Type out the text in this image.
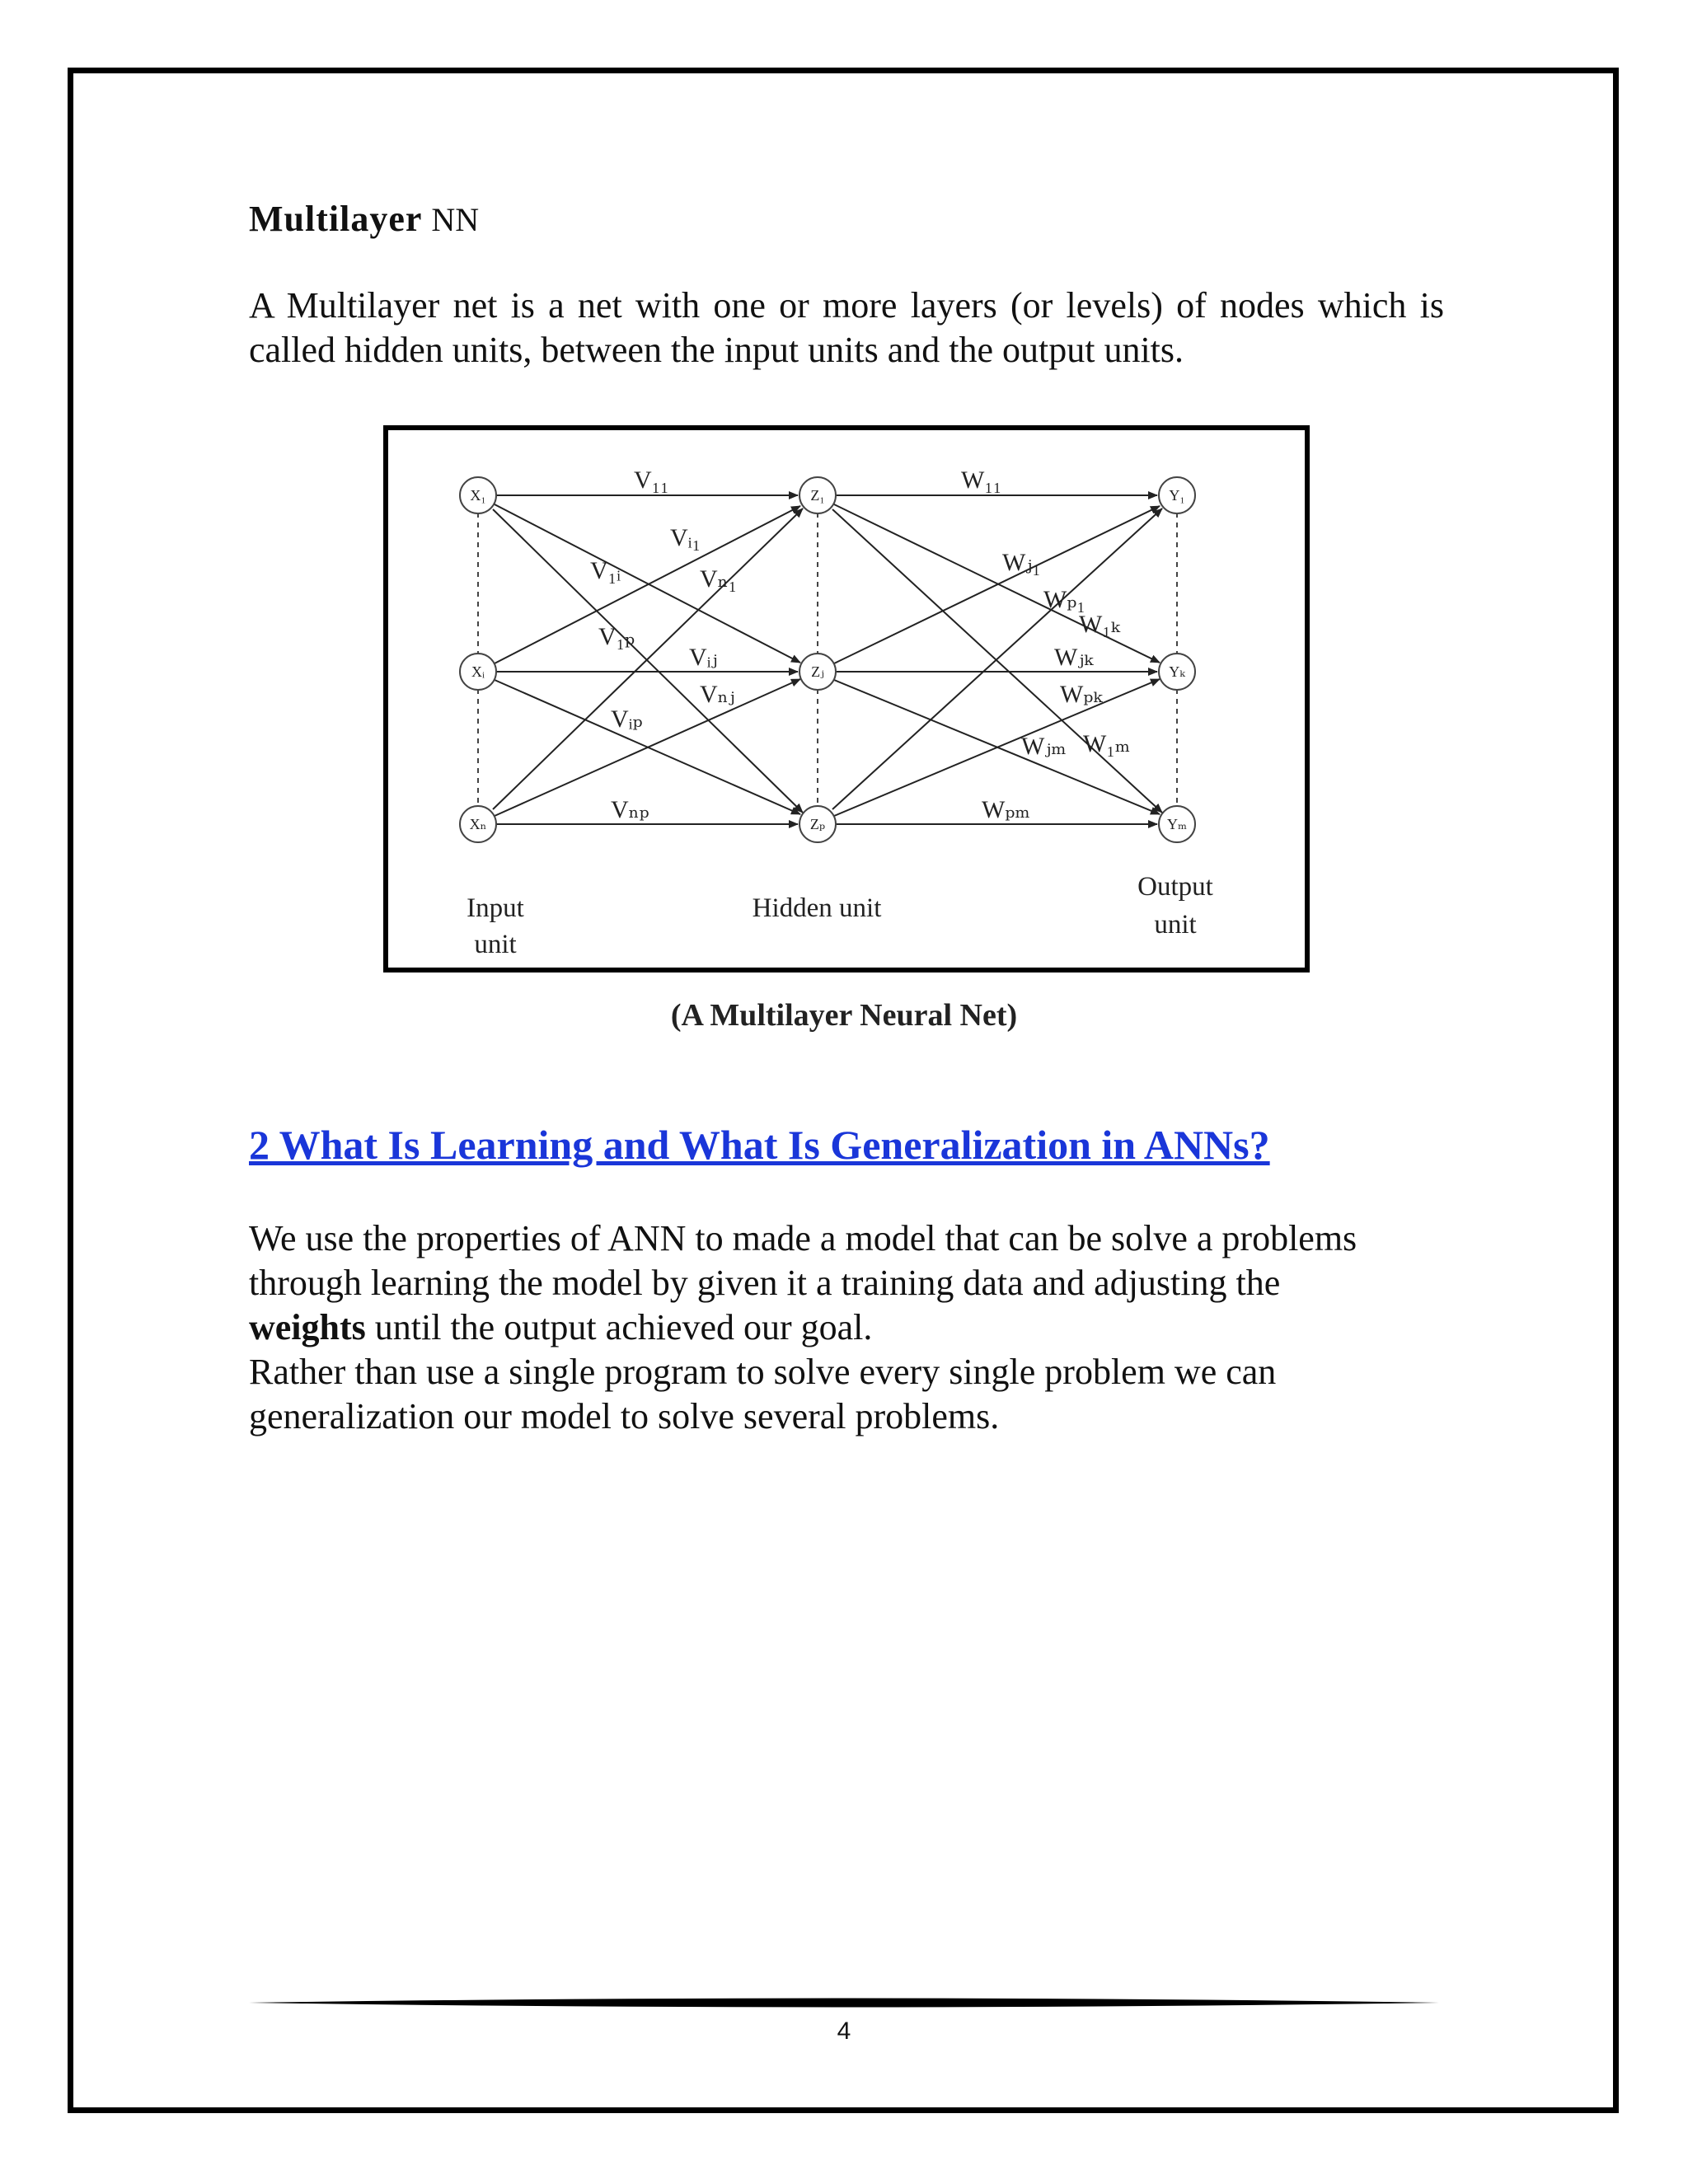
Multilayer NN

A Multilayer net is a net with one or more layers (or levels) of nodes which is called hidden units, between the input units and the output units.

X₁
Xᵢ
Xₙ
Z₁
Zⱼ
Zₚ
Y₁
Yₖ
Yₘ
V₁₁
V₁ᵢ
Vᵢ₁
Vₙ₁
V₁ₚ
Vᵢⱼ
Vₙⱼ
Vᵢₚ
Vₙₚ
W₁₁
Wⱼ₁
Wₚ₁
W₁ₖ
Wⱼₖ
Wₚₖ
Wⱼₘ W₁ₘ
Wₚₘ
Input
unit
Hidden unit
Output
unit

(A Multilayer Neural Net)

2 What Is Learning and What Is Generalization in ANNs?

We use the properties of ANN to made a model that can be solve a problems
through learning the model by given it a training data and adjusting the
weights until the output achieved our goal.
Rather than use a single program to solve every single problem we can
generalization our model to solve several problems.

4
